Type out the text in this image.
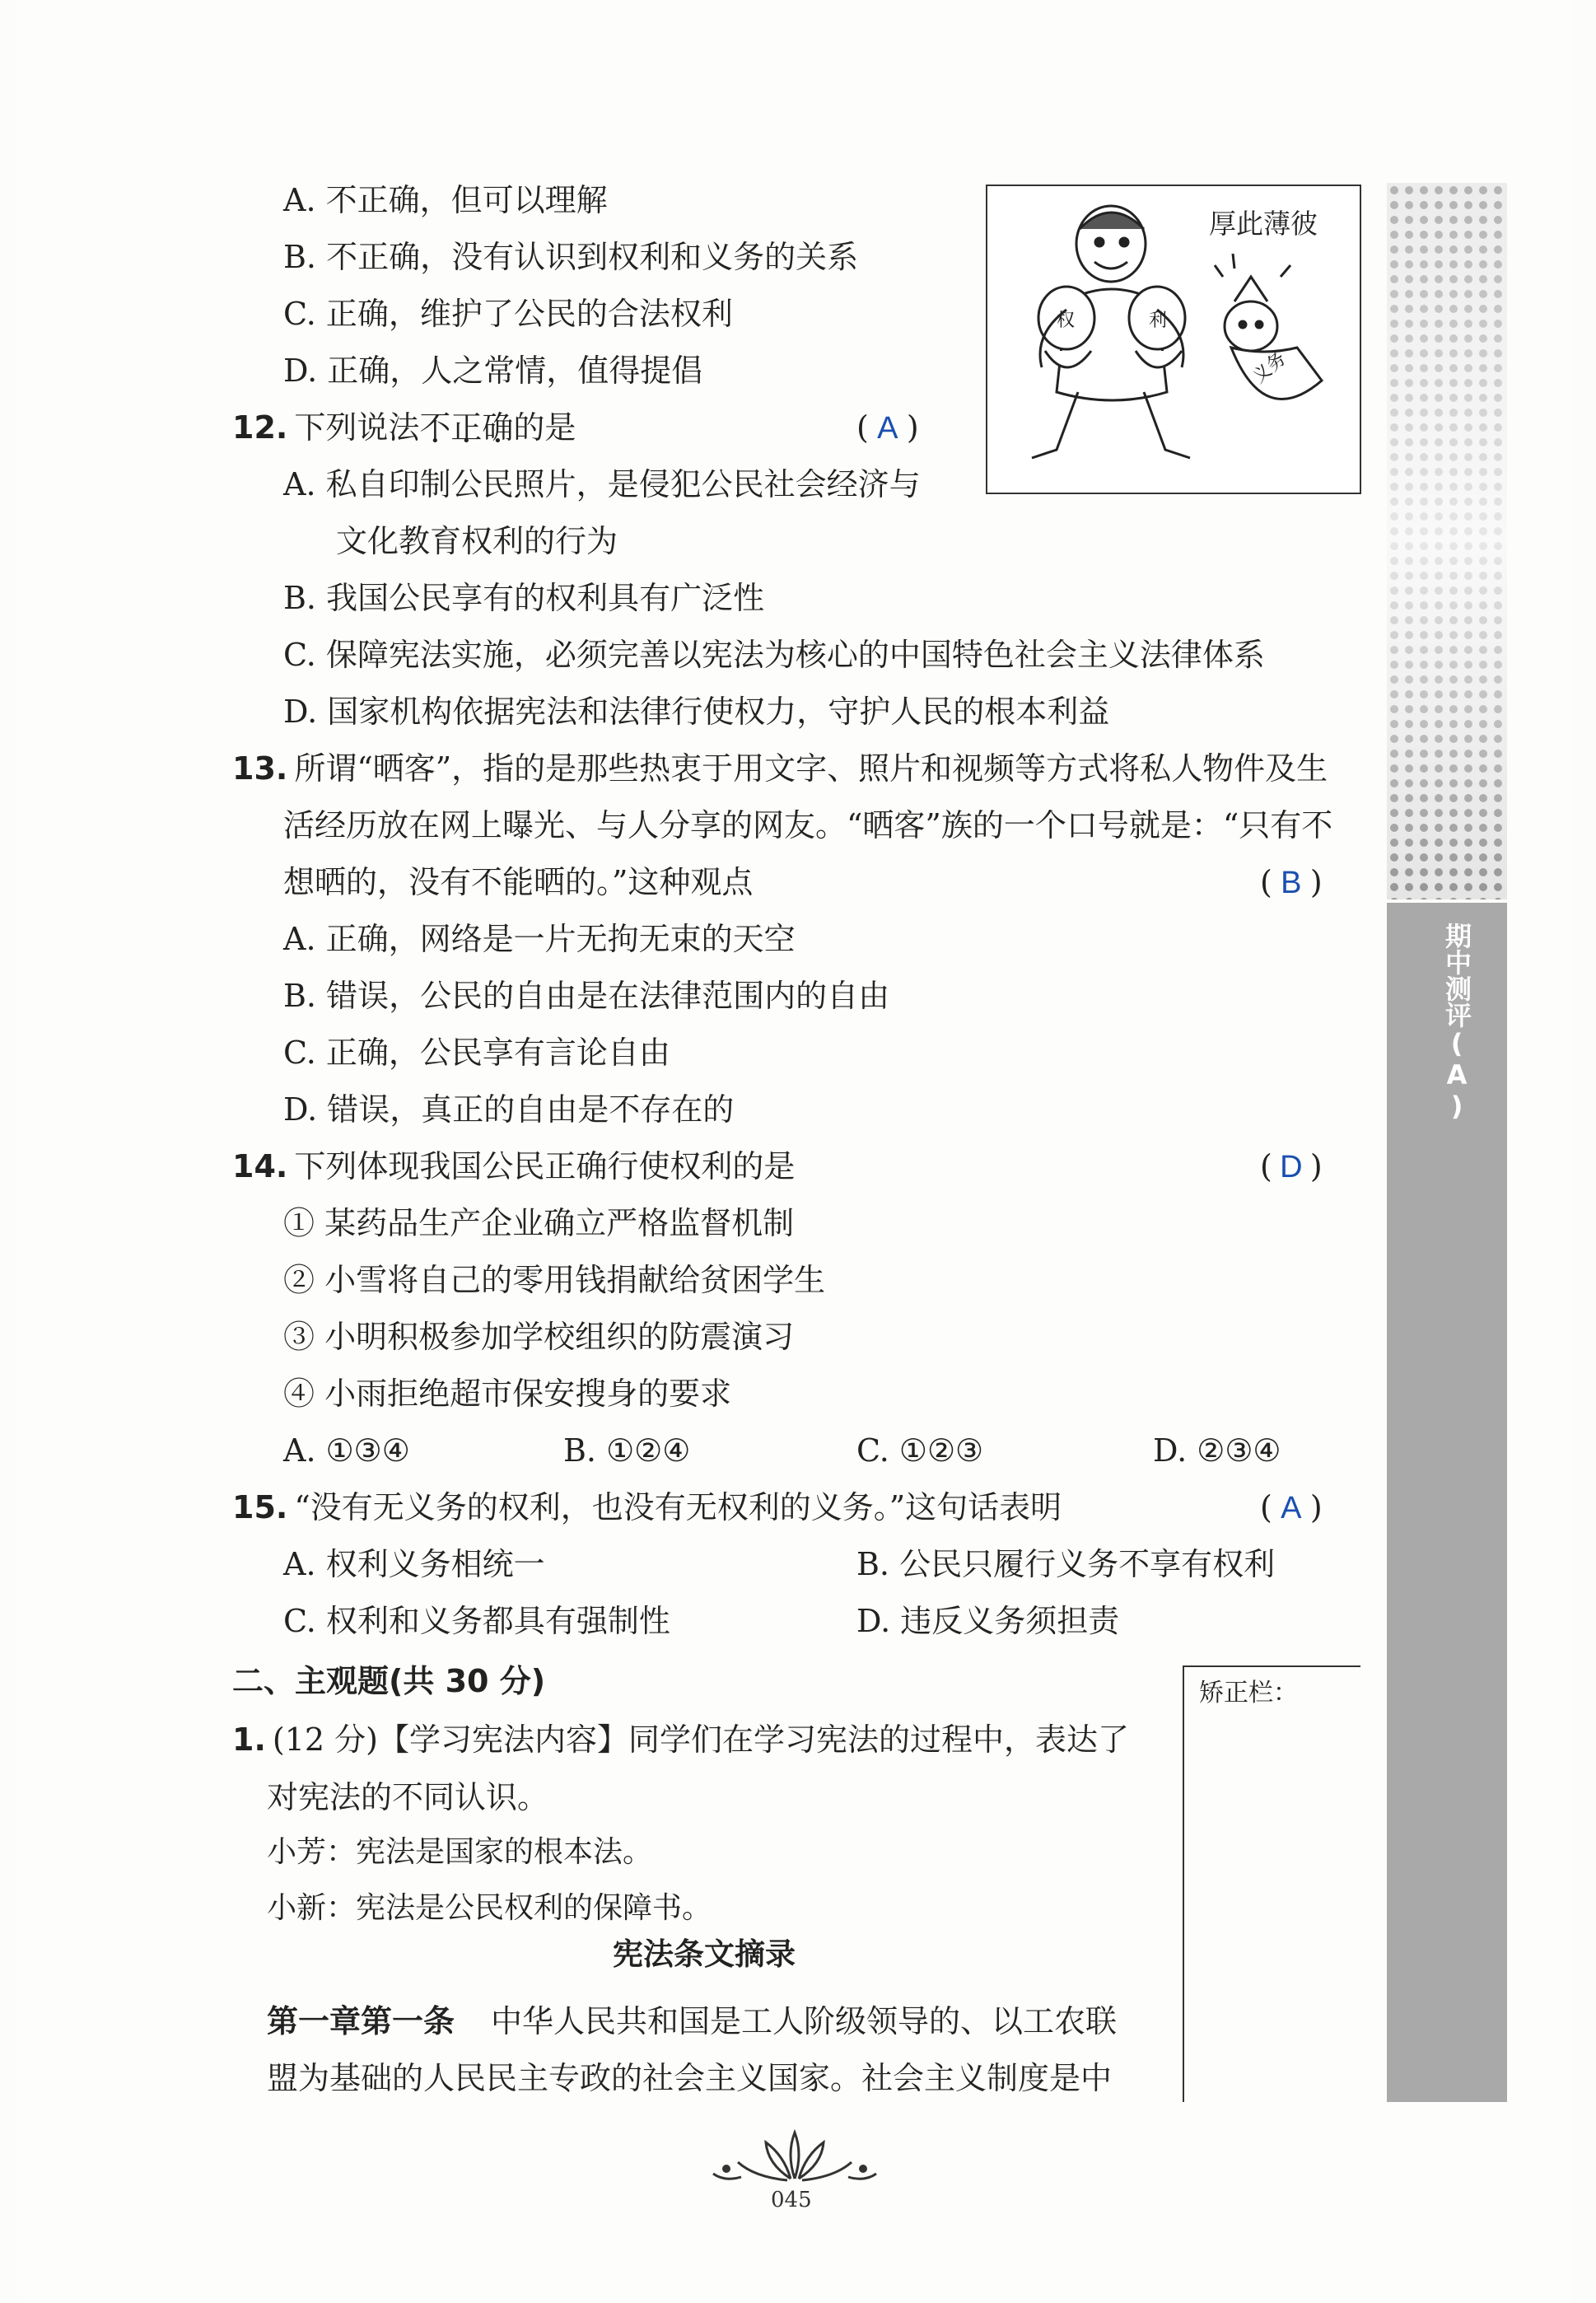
A. 不正确，但可以理解
B. 不正确，没有认识到权利和义务的关系
C. 正确，维护了公民的合法权利
D. 正确，人之常情，值得提倡
权	利
义务
厚此薄彼
12. 下列说法不正确的是	( A )
A. 私自印制公民照片，是侵犯公民社会经济与
文化教育权利的行为
B. 我国公民享有的权利具有广泛性
C. 保障宪法实施，必须完善以宪法为核心的中国特色社会主义法律体系
D. 国家机构依据宪法和法律行使权力，守护人民的根本利益
13. 所谓“晒客”，指的是那些热衷于用文字、照片和视频等方式将私人物件及生
活经历放在网上曝光、与人分享的网友。“晒客”族的一个口号就是：“只有不
想晒的，没有不能晒的。”这种观点	( B )
A. 正确，网络是一片无拘无束的天空
B. 错误，公民的自由是在法律范围内的自由
C. 正确，公民享有言论自由
D. 错误，真正的自由是不存在的
14. 下列体现我国公民正确行使权利的是	( D )
① 某药品生产企业确立严格监督机制
② 小雪将自己的零用钱捐献给贫困学生
③ 小明积极参加学校组织的防震演习
④ 小雨拒绝超市保安搜身的要求
A. ①③④	B. ①②④	C. ①②③	D. ②③④
15. “没有无义务的权利，也没有无权利的义务。”这句话表明	( A )
A. 权利义务相统一	B. 公民只履行义务不享有权利
C. 权利和义务都具有强制性	D. 违反义务须担责
二、主观题(共 30 分)
1. (12 分)【学习宪法内容】同学们在学习宪法的过程中，表达了
对宪法的不同认识。
小芳：宪法是国家的根本法。
小新：宪法是公民权利的保障书。
宪法条文摘录
第一章第一条 中华人民共和国是工人阶级领导的、以工农联
盟为基础的人民民主专政的社会主义国家。社会主义制度是中
矫正栏：
期中测评(A)
045
